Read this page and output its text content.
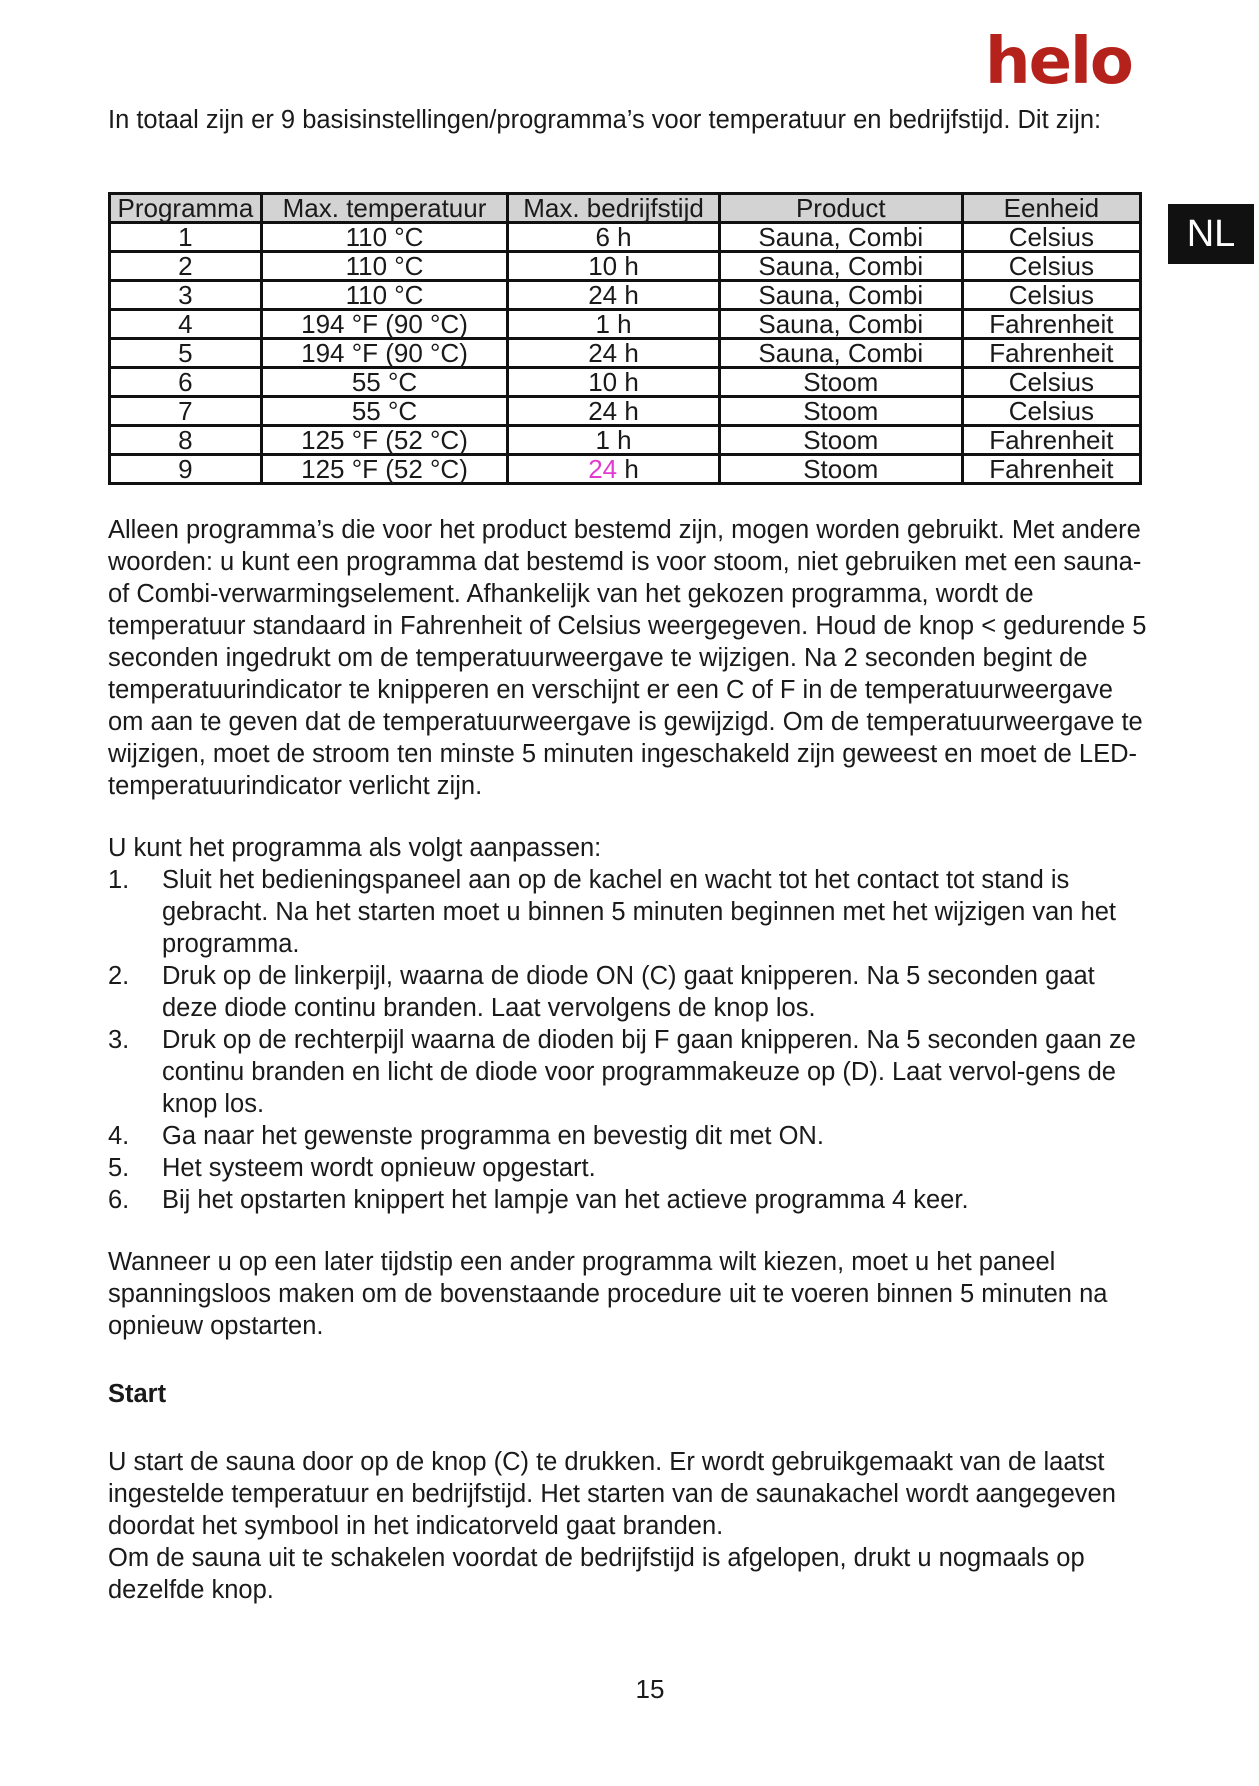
helo
NL

In totaal zijn er 9 basisinstellingen/programma’s voor temperatuur en bedrijfstijd. Dit zijn:

Programma	Max. temperatuur	Max. bedrijfstijd	Product	Eenheid
1	110 °C	6 h	Sauna, Combi	Celsius
2	110 °C	10 h	Sauna, Combi	Celsius
3	110 °C	24 h	Sauna, Combi	Celsius
4	194 °F (90 °C)	1 h	Sauna, Combi	Fahrenheit
5	194 °F (90 °C)	24 h	Sauna, Combi	Fahrenheit
6	55 °C	10 h	Stoom	Celsius
7	55 °C	24 h	Stoom	Celsius
8	125 °F (52 °C)	1 h	Stoom	Fahrenheit
9	125 °F (52 °C)	24 h	Stoom	Fahrenheit

Alleen programma’s die voor het product bestemd zijn, mogen worden gebruikt. Met andere woorden: u kunt een programma dat bestemd is voor stoom, niet gebruiken met een sauna- of Combi-verwarmingselement. Afhankelijk van het gekozen programma, wordt de temperatuur standaard in Fahrenheit of Celsius weergegeven. Houd de knop < gedurende 5 seconden ingedrukt om de temperatuurweergave te wijzigen. Na 2 seconden begint de temperatuurindicator te knipperen en verschijnt er een C of F in de temperatuurweergave om aan te geven dat de temperatuurweergave is gewijzigd. Om de temperatuurweergave te wijzigen, moet de stroom ten minste 5 minuten ingeschakeld zijn geweest en moet de LED-temperatuurindicator verlicht zijn.

U kunt het programma als volgt aanpassen:

1.	Sluit het bedieningspaneel aan op de kachel en wacht tot het contact tot stand is gebracht. Na het starten moet u binnen 5 minuten beginnen met het wijzigen van het programma.
2.	Druk op de linkerpijl, waarna de diode ON (C) gaat knipperen. Na 5 seconden gaat deze diode continu branden. Laat vervolgens de knop los.
3.	Druk op de rechterpijl waarna de dioden bij F gaan knipperen. Na 5 seconden gaan ze continu branden en licht de diode voor programmakeuze op (D). Laat vervol-gens de knop los.
4.	Ga naar het gewenste programma en bevestig dit met ON.
5.	Het systeem wordt opnieuw opgestart.
6.	Bij het opstarten knippert het lampje van het actieve programma 4 keer.

Wanneer u op een later tijdstip een ander programma wilt kiezen, moet u het paneel spanningsloos maken om de bovenstaande procedure uit te voeren binnen 5 minuten na opnieuw opstarten.

Start

U start de sauna door op de knop (C) te drukken. Er wordt gebruikgemaakt van de laatst ingestelde temperatuur en bedrijfstijd. Het starten van de saunakachel wordt aangegeven doordat het symbool in het indicatorveld gaat branden.

Om de sauna uit te schakelen voordat de bedrijfstijd is afgelopen, drukt u nogmaals op dezelfde knop.

15
